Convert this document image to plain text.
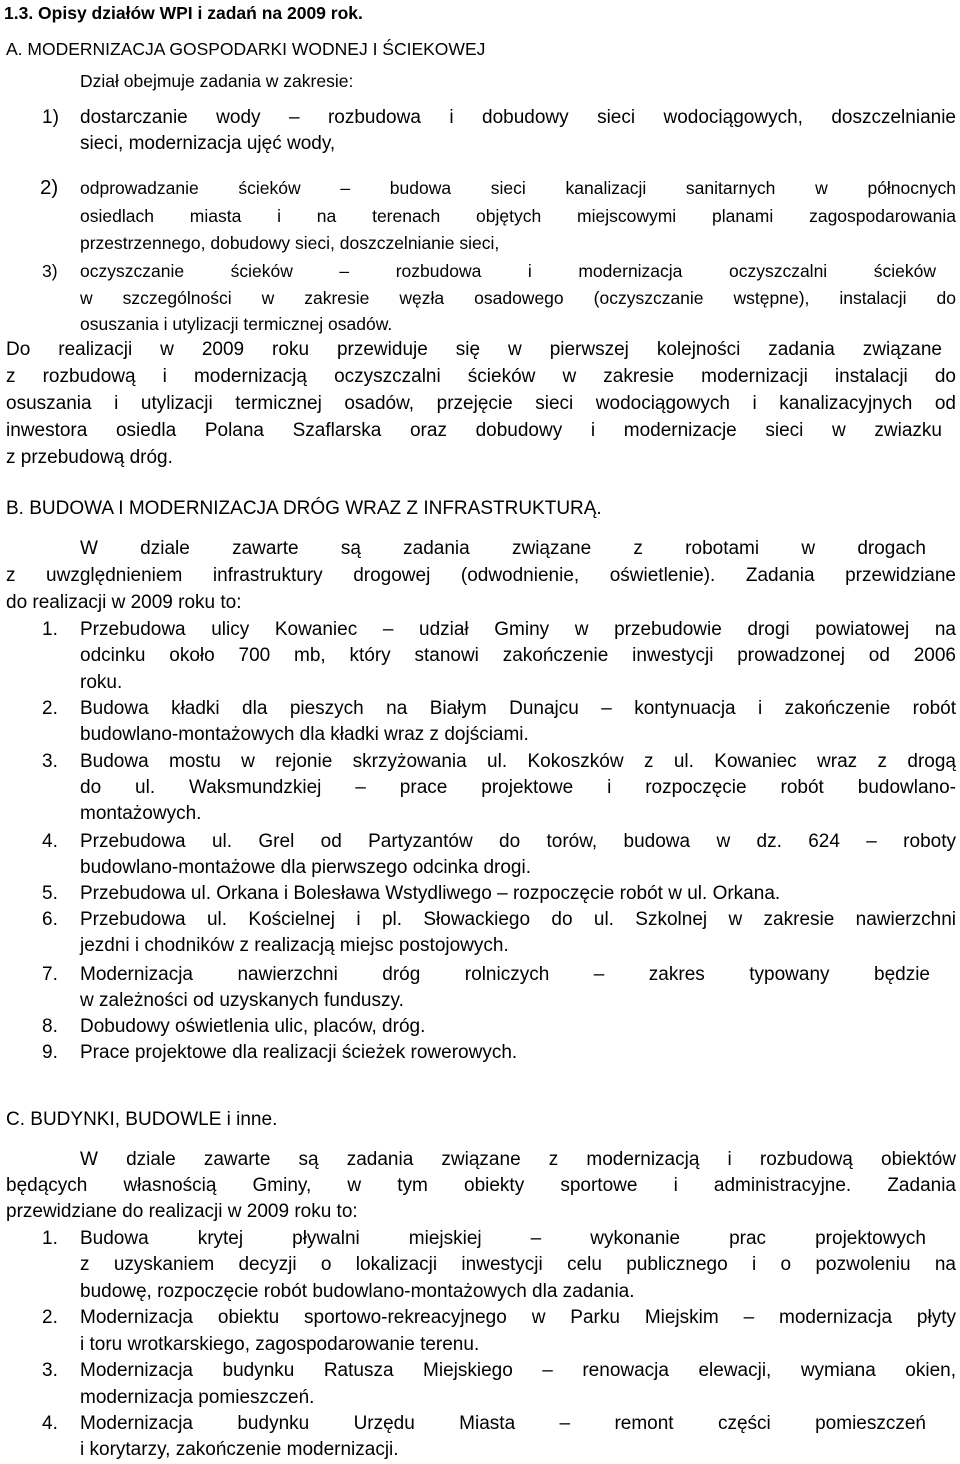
1.3. Opisy działów WPI i zadań na 2009 rok.

A. MODERNIZACJA GOSPODARKI WODNEJ I ŚCIEKOWEJ

Dział obejmuje zadania w zakresie:

1) dostarczanie wody – rozbudowa i dobudowy sieci wodociągowych, doszczelnianie

sieci, modernizacja ujęć wody,

2) odprowadzanie ścieków – budowa sieci kanalizacji sanitarnych w północnych

osiedlach miasta i na terenach objętych miejscowymi planami zagospodarowania

przestrzennego, dobudowy sieci, doszczelnianie sieci,

3) oczyszczanie ścieków – rozbudowa i modernizacja oczyszczalni ścieków

w szczególności w zakresie węzła osadowego (oczyszczanie wstępne), instalacji do

osuszania i utylizacji termicznej osadów.

Do realizacji w 2009 roku przewiduje się w pierwszej kolejności zadania związane

z rozbudową i modernizacją oczyszczalni ścieków w zakresie modernizacji instalacji do

osuszania i utylizacji termicznej osadów, przejęcie sieci wodociągowych i kanalizacyjnych od

inwestora osiedla Polana Szaflarska oraz dobudowy i modernizacje sieci w zwiazku

z przebudową dróg.

B. BUDOWA I MODERNIZACJA DRÓG WRAZ Z INFRASTRUKTURĄ.

W dziale zawarte są zadania związane z robotami w drogach

z uwzględnieniem infrastruktury drogowej (odwodnienie, oświetlenie). Zadania przewidziane

do realizacji w 2009 roku to:

1. Przebudowa ulicy Kowaniec – udział Gminy w przebudowie drogi powiatowej na

odcinku około 700 mb, który stanowi zakończenie inwestycji prowadzonej od 2006

roku.

2. Budowa kładki dla pieszych na Białym Dunajcu – kontynuacja i zakończenie robót

budowlano-montażowych dla kładki wraz z dojściami.

3. Budowa mostu w rejonie skrzyżowania ul. Kokoszków z ul. Kowaniec wraz z drogą

do ul. Waksmundzkiej – prace projektowe i rozpoczęcie robót budowlano-

montażowych.

4. Przebudowa ul. Grel od Partyzantów do torów, budowa w dz. 624 – roboty

budowlano-montażowe dla pierwszego odcinka drogi.

5. Przebudowa ul. Orkana i Bolesława Wstydliwego – rozpoczęcie robót w ul. Orkana.

6. Przebudowa ul. Kościelnej i pl. Słowackiego do ul. Szkolnej w zakresie nawierzchni

jezdni i chodników z realizacją miejsc postojowych.

7. Modernizacja nawierzchni dróg rolniczych – zakres typowany będzie

w zależności od uzyskanych funduszy.

8. Dobudowy oświetlenia ulic, placów, dróg.

9. Prace projektowe dla realizacji ścieżek rowerowych.

C. BUDYNKI, BUDOWLE i inne.

W dziale zawarte są zadania związane z modernizacją i rozbudową obiektów

będących własnością Gminy, w tym obiekty sportowe i administracyjne. Zadania

przewidziane do realizacji w 2009 roku to:

1. Budowa krytej pływalni miejskiej – wykonanie prac projektowych

z uzyskaniem decyzji o lokalizacji inwestycji celu publicznego i o pozwoleniu na

budowę, rozpoczęcie robót budowlano-montażowych dla zadania.

2. Modernizacja obiektu sportowo-rekreacyjnego w Parku Miejskim – modernizacja płyty

i toru wrotkarskiego, zagospodarowanie terenu.

3. Modernizacja budynku Ratusza Miejskiego – renowacja elewacji, wymiana okien,

modernizacja pomieszczeń.

4. Modernizacja budynku Urzędu Miasta – remont części pomieszczeń

i korytarzy, zakończenie modernizacji.
